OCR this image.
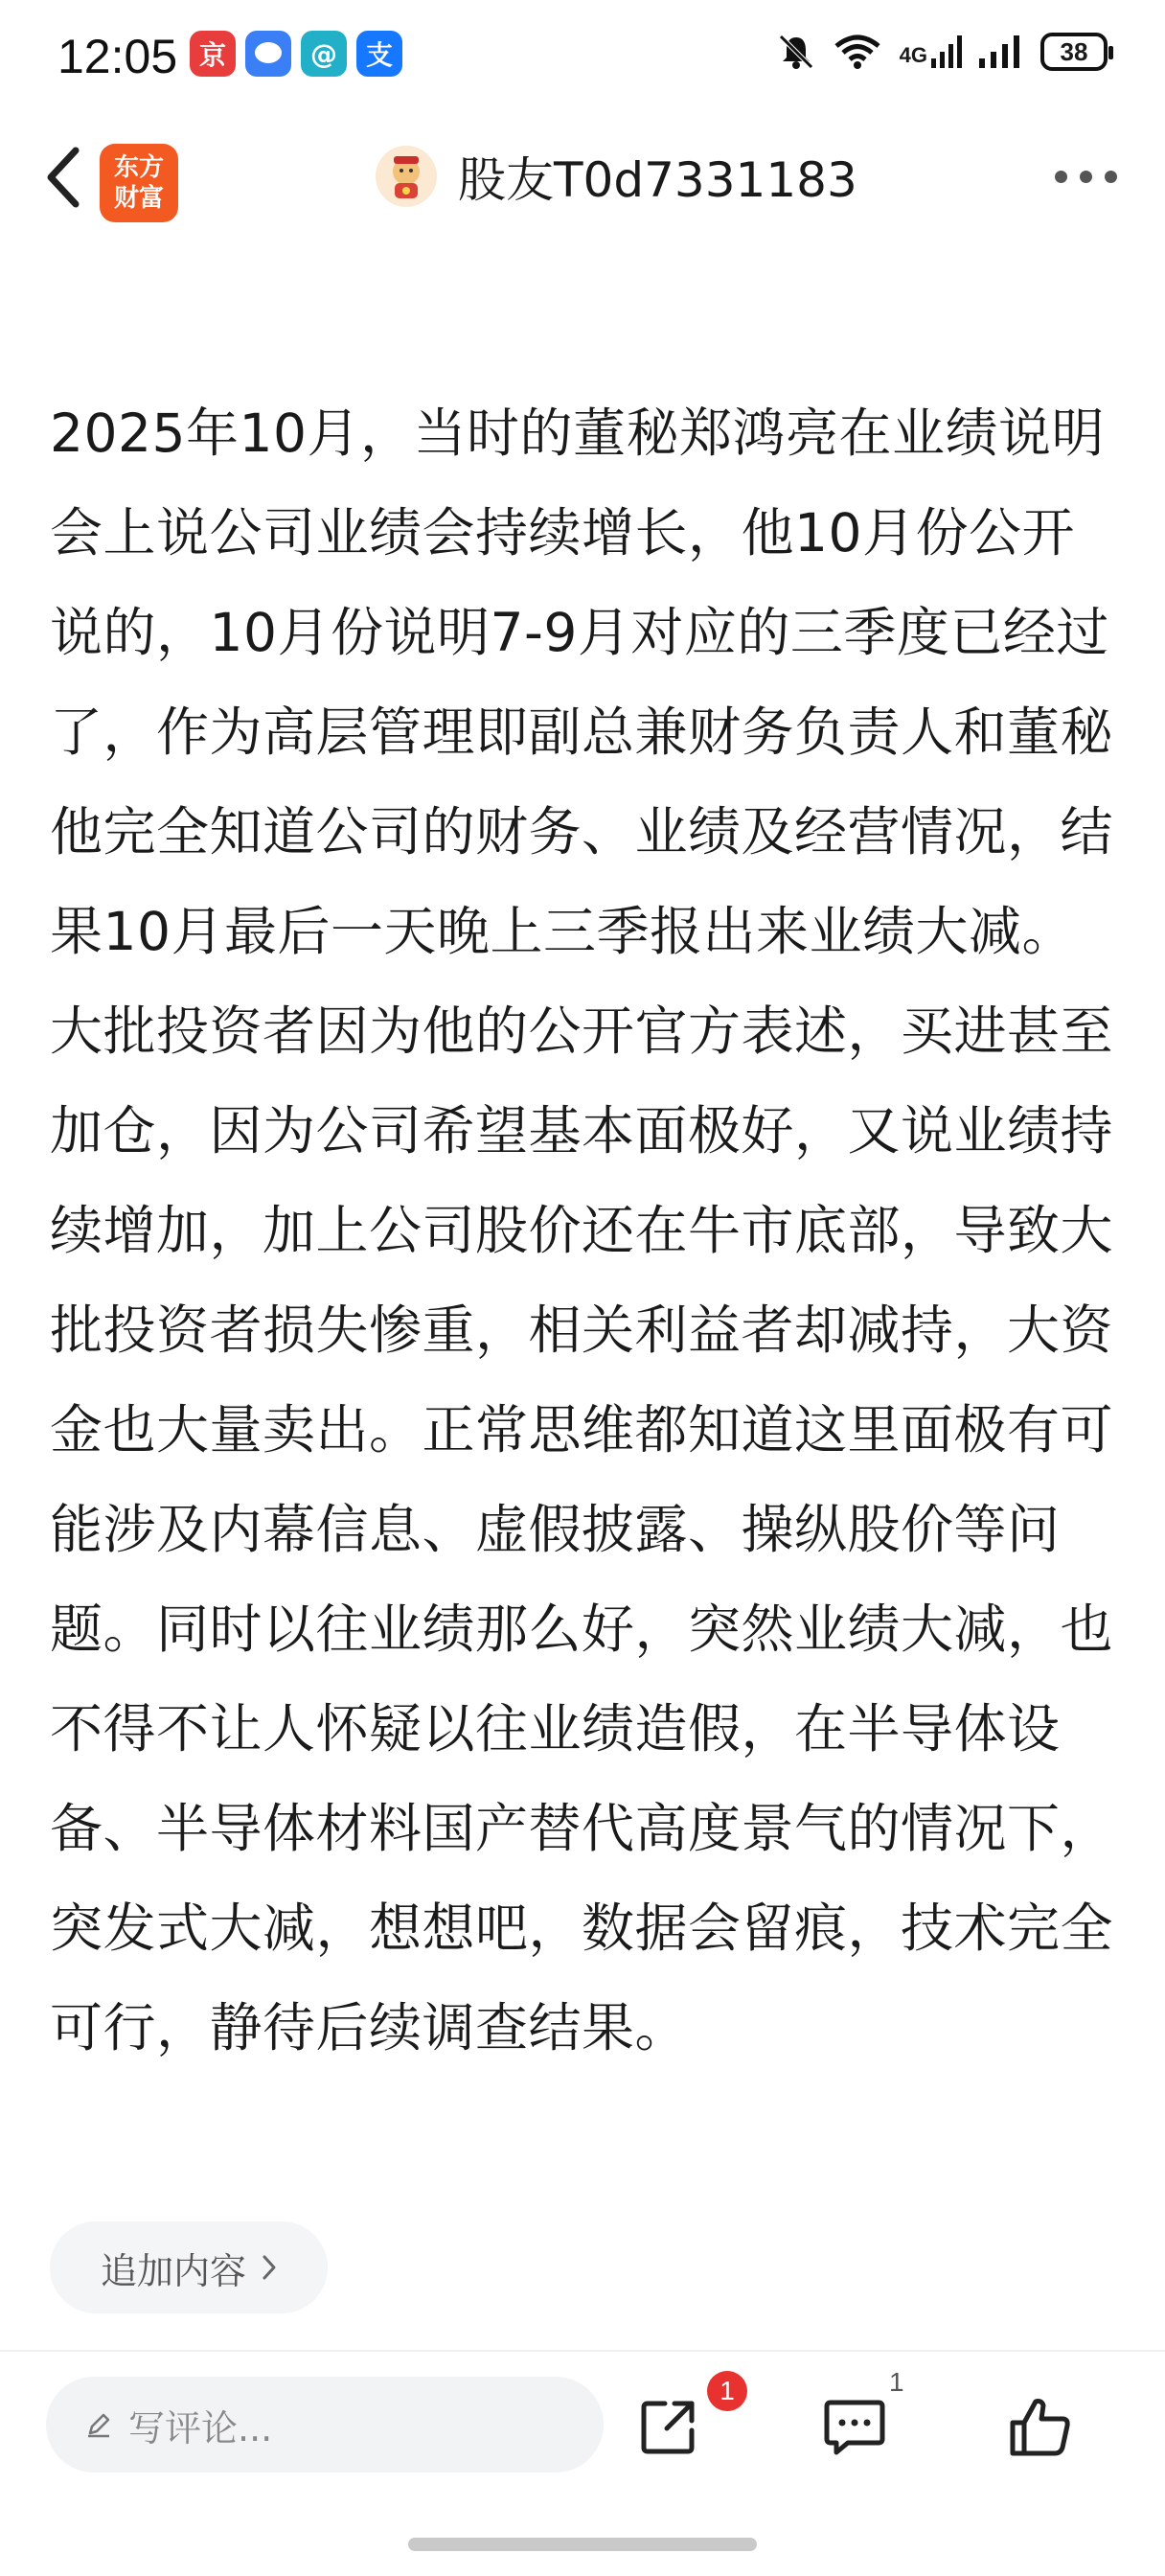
12:05 京	@	支	4G	38
东方
财富	股友T0d7331183
2025年10月，当时的董秘郑鸿亮在业绩说明会上说公司业绩会持续增长，他10月份公开说的，10月份说明7-9月对应的三季度已经过了，作为高层管理即副总兼财务负责人和董秘他完全知道公司的财务、业绩及经营情况，结果10月最后一天晚上三季报出来业绩大减。大批投资者因为他的公开官方表述，买进甚至加仓，因为公司希望基本面极好，又说业绩持续增加，加上公司股价还在牛市底部，导致大批投资者损失惨重，相关利益者却减持，大资金也大量卖出。正常思维都知道这里面极有可能涉及内幕信息、虚假披露、操纵股价等问题。同时以往业绩那么好，突然业绩大减，也不得不让人怀疑以往业绩造假，在半导体设备、半导体材料国产替代高度景气的情况下，突发式大减，想想吧，数据会留痕，技术完全可行，静待后续调查结果。
追加内容
写评论...
1	1
